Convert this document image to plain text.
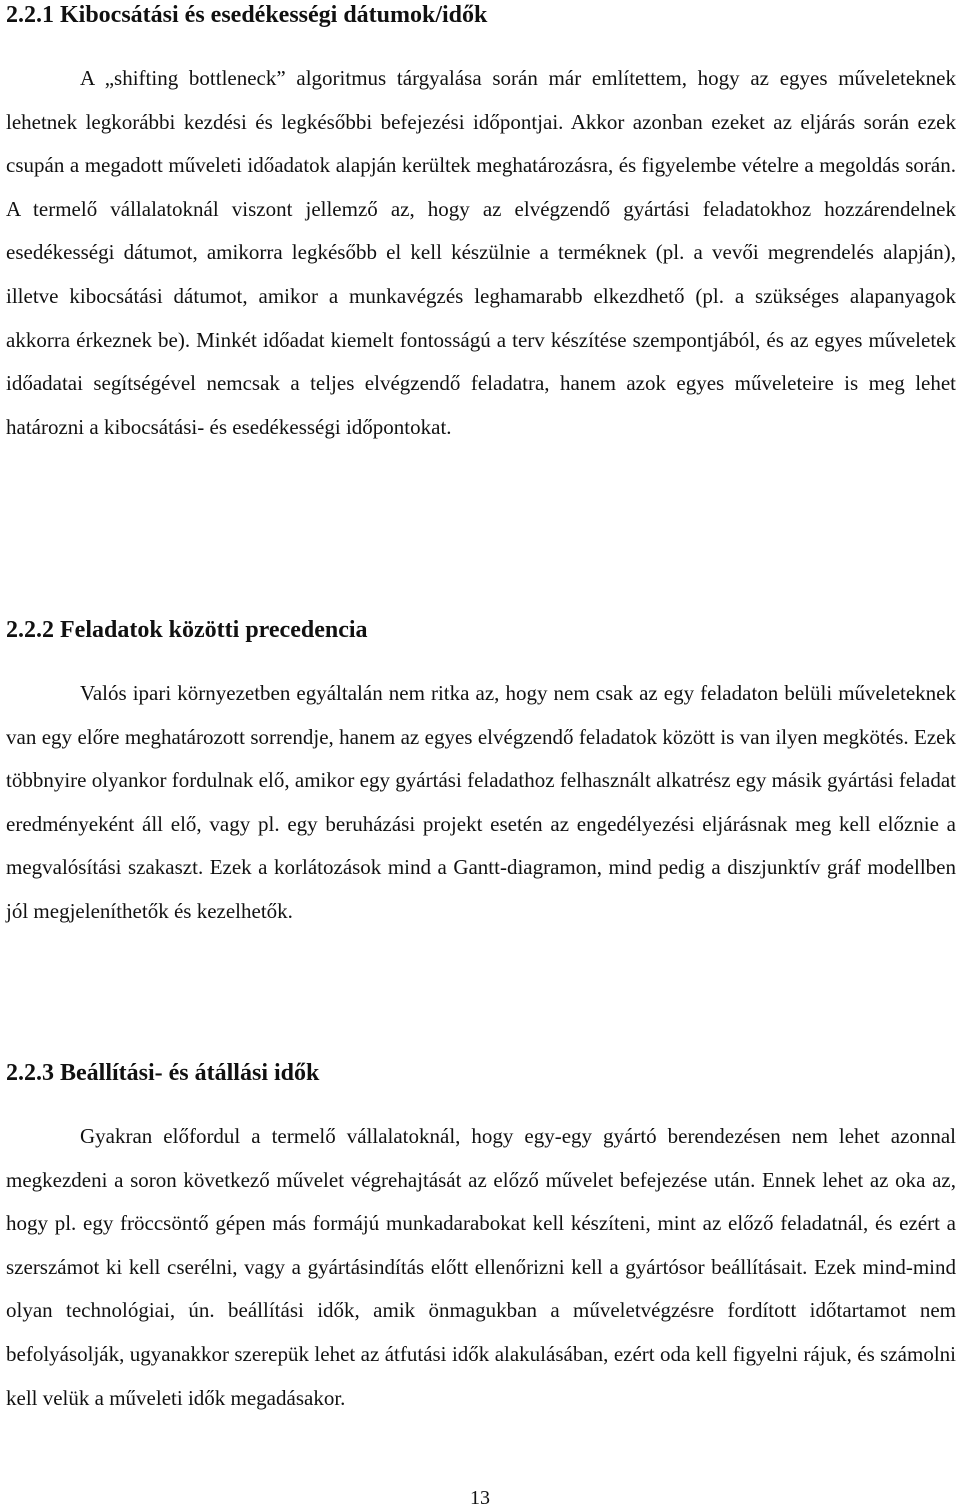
2.2.1 Kibocsátási és esedékességi dátumok/idők

A „shifting bottleneck” algoritmus tárgyalása során már említettem, hogy az egyes műveleteknek lehetnek legkorábbi kezdési és legkésőbbi befejezési időpontjai. Akkor azonban ezeket az eljárás során ezek csupán a megadott műveleti időadatok alapján kerültek meghatározásra, és figyelembe vételre a megoldás során. A termelő vállalatoknál viszont jellemző az, hogy az elvégzendő gyártási feladatokhoz hozzárendelnek esedékességi dátumot, amikorra legkésőbb el kell készülnie a terméknek (pl. a vevői megrendelés alapján), illetve kibocsátási dátumot, amikor a munkavégzés leghamarabb elkezdhető (pl. a szükséges alapanyagok akkorra érkeznek be). Minkét időadat kiemelt fontosságú a terv készítése szempontjából, és az egyes műveletek időadatai segítségével nemcsak a teljes elvégzendő feladatra, hanem azok egyes műveleteire is meg lehet határozni a kibocsátási- és esedékességi időpontokat.

2.2.2 Feladatok közötti precedencia

Valós ipari környezetben egyáltalán nem ritka az, hogy nem csak az egy feladaton belüli műveleteknek van egy előre meghatározott sorrendje, hanem az egyes elvégzendő feladatok között is van ilyen megkötés. Ezek többnyire olyankor fordulnak elő, amikor egy gyártási feladathoz felhasznált alkatrész egy másik gyártási feladat eredményeként áll elő, vagy pl. egy beruházási projekt esetén az engedélyezési eljárásnak meg kell előznie a megvalósítási szakaszt. Ezek a korlátozások mind a Gantt-diagramon, mind pedig a diszjunktív gráf modellben jól megjeleníthetők és kezelhetők.

2.2.3 Beállítási- és átállási idők

Gyakran előfordul a termelő vállalatoknál, hogy egy-egy gyártó berendezésen nem lehet azonnal megkezdeni a soron következő művelet végrehajtását az előző művelet befejezése után. Ennek lehet az oka az, hogy pl. egy fröccsöntő gépen más formájú munkadarabokat kell készíteni, mint az előző feladatnál, és ezért a szerszámot ki kell cserélni, vagy a gyártásindítás előtt ellenőrizni kell a gyártósor beállításait. Ezek mind-mind olyan technológiai, ún. beállítási idők, amik önmagukban a műveletvégzésre fordított időtartamot nem befolyásolják, ugyanakkor szerepük lehet az átfutási idők alakulásában, ezért oda kell figyelni rájuk, és számolni kell velük a műveleti idők megadásakor.

13
